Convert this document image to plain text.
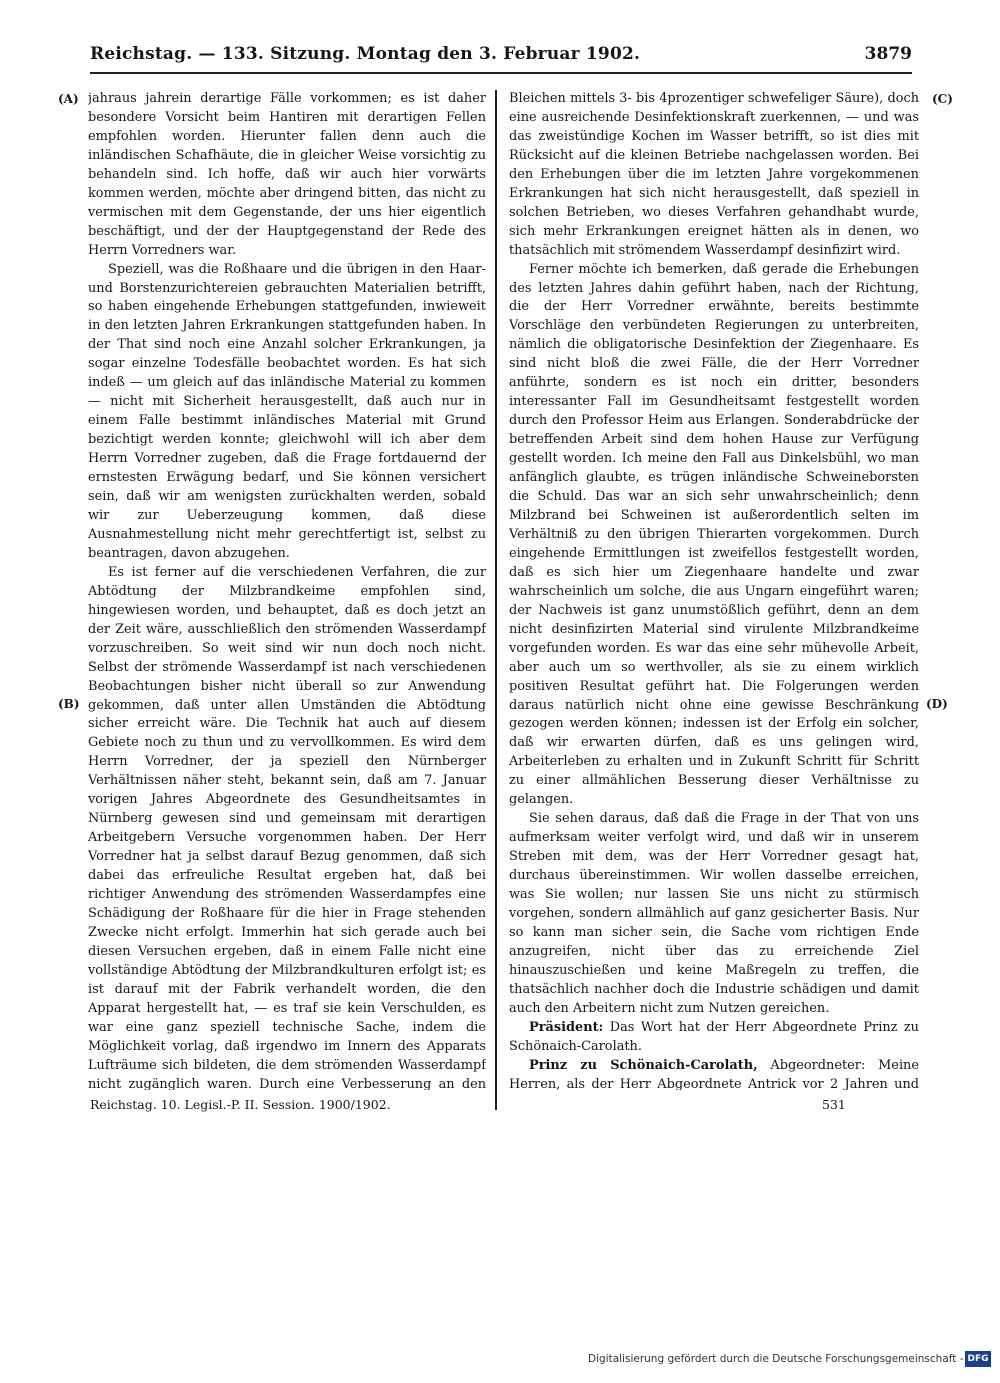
Reichstag. — 133. Sitzung. Montag den 3. Februar 1902.	3879
(A)
(B)
(C)
(D)

jahraus jahrein derartige Fälle vorkommen; es ist daher besondere Vorsicht beim Hantiren mit derartigen Fellen empfohlen worden. Hierunter fallen denn auch die inländischen Schafhäute, die in gleicher Weise vorsichtig zu behandeln sind. Ich hoffe, daß wir auch hier vorwärts kommen werden, möchte aber dringend bitten, das nicht zu vermischen mit dem Gegenstande, der uns hier eigentlich beschäftigt, und der der Hauptgegenstand der Rede des Herrn Vorredners war.

Speziell, was die Roßhaare und die übrigen in den Haar- und Borstenzurichtereien gebrauchten Materialien betrifft, so haben eingehende Erhebungen stattgefunden, inwieweit in den letzten Jahren Erkrankungen stattgefunden haben. In der That sind noch eine Anzahl solcher Erkrankungen, ja sogar einzelne Todesfälle beobachtet worden. Es hat sich indeß — um gleich auf das inländische Material zu kommen — nicht mit Sicherheit herausgestellt, daß auch nur in einem Falle bestimmt inländisches Material mit Grund bezichtigt werden konnte; gleichwohl will ich aber dem Herrn Vorredner zugeben, daß die Frage fortdauernd der ernstesten Erwägung bedarf, und Sie können versichert sein, daß wir am wenigsten zurückhalten werden, sobald wir zur Ueberzeugung kommen, daß diese Ausnahmestellung nicht mehr gerechtfertigt ist, selbst zu beantragen, davon abzugehen.

Es ist ferner auf die verschiedenen Verfahren, die zur Abtödtung der Milzbrandkeime empfohlen sind, hingewiesen worden, und behauptet, daß es doch jetzt an der Zeit wäre, ausschließlich den strömenden Wasserdampf vorzuschreiben. So weit sind wir nun doch noch nicht. Selbst der strömende Wasserdampf ist nach verschiedenen Beobachtungen bisher nicht überall so zur Anwendung gekommen, daß unter allen Umständen die Abtödtung sicher erreicht wäre. Die Technik hat auch auf diesem Gebiete noch zu thun und zu vervollkommen. Es wird dem Herrn Vorredner, der ja speziell den Nürnberger Verhältnissen näher steht, bekannt sein, daß am 7. Januar vorigen Jahres Abgeordnete des Gesundheitsamtes in Nürnberg gewesen sind und gemeinsam mit derartigen Arbeitgebern Versuche vorgenommen haben. Der Herr Vorredner hat ja selbst darauf Bezug genommen, daß sich dabei das erfreuliche Resultat ergeben hat, daß bei richtiger Anwendung des strömenden Wasserdampfes eine Schädigung der Roßhaare für die hier in Frage stehenden Zwecke nicht erfolgt. Immerhin hat sich gerade auch bei diesen Versuchen ergeben, daß in einem Falle nicht eine vollständige Abtödtung der Milzbrandkulturen erfolgt ist; es ist darauf mit der Fabrik verhandelt worden, die den Apparat hergestellt hat, — es traf sie kein Verschulden, es war eine ganz speziell technische Sache, indem die Möglichkeit vorlag, daß irgendwo im Innern des Apparats Lufträume sich bildeten, die dem strömenden Wasserdampf nicht zugänglich waren. Durch eine Verbesserung an den

Bleichen mittels 3- bis 4prozentiger schwefeliger Säure), doch eine ausreichende Desinfektionskraft zuerkennen, — und was das zweistündige Kochen im Wasser betrifft, so ist dies mit Rücksicht auf die kleinen Betriebe nachgelassen worden. Bei den Erhebungen über die im letzten Jahre vorgekommenen Erkrankungen hat sich nicht herausgestellt, daß speziell in solchen Betrieben, wo dieses Verfahren gehandhabt wurde, sich mehr Erkrankungen ereignet hätten als in denen, wo thatsächlich mit strömendem Wasserdampf desinfizirt wird.

Ferner möchte ich bemerken, daß gerade die Erhebungen des letzten Jahres dahin geführt haben, nach der Richtung, die der Herr Vorredner erwähnte, bereits bestimmte Vorschläge den verbündeten Regierungen zu unterbreiten, nämlich die obligatorische Desinfektion der Ziegenhaare. Es sind nicht bloß die zwei Fälle, die der Herr Vorredner anführte, sondern es ist noch ein dritter, besonders interessanter Fall im Gesundheitsamt festgestellt worden durch den Professor Heim aus Erlangen. Sonderabdrücke der betreffenden Arbeit sind dem hohen Hause zur Verfügung gestellt worden. Ich meine den Fall aus Dinkelsbühl, wo man anfänglich glaubte, es trügen inländische Schweineborsten die Schuld. Das war an sich sehr unwahrscheinlich; denn Milzbrand bei Schweinen ist außerordentlich selten im Verhältniß zu den übrigen Thierarten vorgekommen. Durch eingehende Ermittlungen ist zweifellos festgestellt worden, daß es sich hier um Ziegenhaare handelte und zwar wahrscheinlich um solche, die aus Ungarn eingeführt waren; der Nachweis ist ganz unumstößlich geführt, denn an dem nicht desinfizirten Material sind virulente Milzbrandkeime vorgefunden worden. Es war das eine sehr mühevolle Arbeit, aber auch um so werthvoller, als sie zu einem wirklich positiven Resultat geführt hat. Die Folgerungen werden daraus natürlich nicht ohne eine gewisse Beschränkung gezogen werden können; indessen ist der Erfolg ein solcher, daß wir erwarten dürfen, daß es uns gelingen wird, Arbeiterleben zu erhalten und in Zukunft Schritt für Schritt zu einer allmählichen Besserung dieser Verhältnisse zu gelangen.

Sie sehen daraus, daß daß die Frage in der That von uns aufmerksam weiter verfolgt wird, und daß wir in unserem Streben mit dem, was der Herr Vorredner gesagt hat, durchaus übereinstimmen. Wir wollen dasselbe erreichen, was Sie wollen; nur lassen Sie uns nicht zu stürmisch vorgehen, sondern allmählich auf ganz gesicherter Basis. Nur so kann man sicher sein, die Sache vom richtigen Ende anzugreifen, nicht über das zu erreichende Ziel hinauszuschießen und keine Maßregeln zu treffen, die thatsächlich nachher doch die Industrie schädigen und damit auch den Arbeitern nicht zum Nutzen gereichen.

Präsident: Das Wort hat der Herr Abgeordnete Prinz zu Schönaich-Carolath.

Prinz zu Schönaich-Carolath, Abgeordneter: Meine Herren, als der Herr Abgeordnete Antrick vor 2 Jahren und

Reichstag. 10. Legisl.-P. II. Session. 1900/1902.	531
Digitalisierung gefördert durch die Deutsche Forschungsgemeinschaft - DFG
